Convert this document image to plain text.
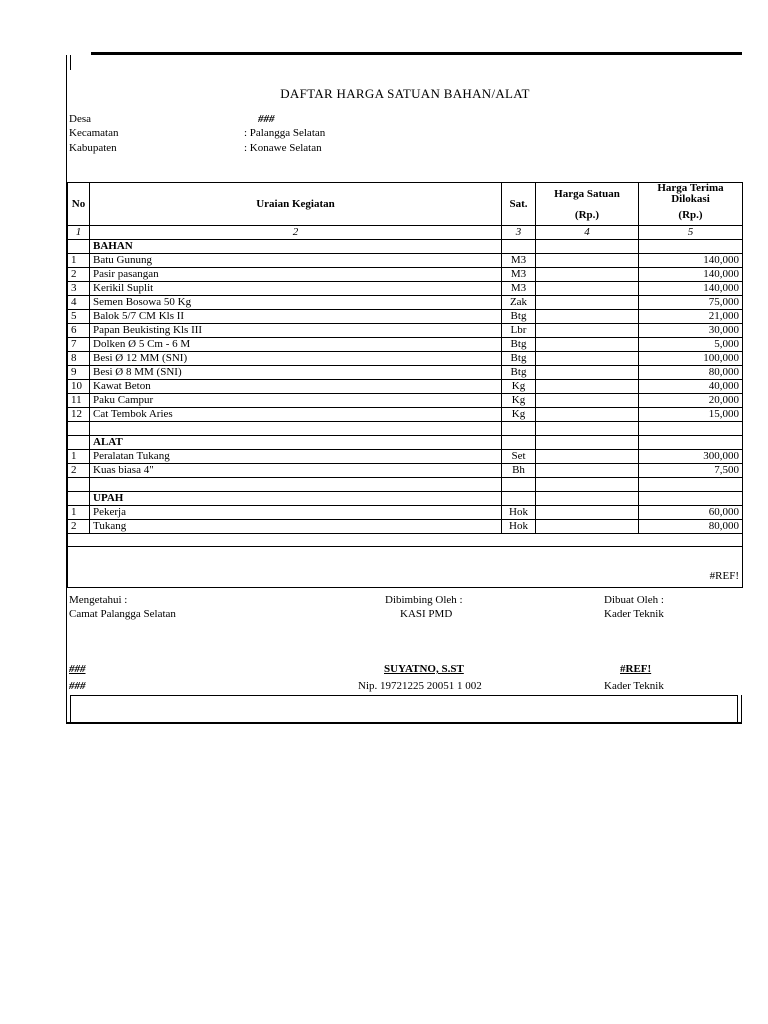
DAFTAR HARGA SATUAN BAHAN/ALAT
Desa	###
Kecamatan	: Palangga Selatan
Kabupaten	: Konawe Selatan
No	Uraian Kegiatan	Sat.	Harga Satuan	Harga Terima Dilokasi
			(Rp.)	(Rp.)
1	2	3	4	5
	BAHAN			
1	Batu Gunung	M3		140,000
2	Pasir pasangan	M3		140,000
3	Kerikil Suplit	M3		140,000
4	Semen Bosowa 50 Kg	Zak		75,000
5	Balok 5/7 CM Kls II	Btg		21,000
6	Papan Beukisting Kls III	Lbr		30,000
7	Dolken Ø 5 Cm - 6 M	Btg		5,000
8	Besi Ø 12 MM (SNI)	Btg		100,000
9	Besi Ø 8 MM (SNI)	Btg		80,000
10	Kawat Beton	Kg		40,000
11	Paku Campur	Kg		20,000
12	Cat Tembok Aries	Kg		15,000

	ALAT			
1	Peralatan Tukang	Set		300,000
2	Kuas biasa 4"	Bh		7,500

	UPAH			
1	Pekerja	Hok		60,000
2	Tukang	Hok		80,000

#REF!				
Mengetahui :
Camat Palangga Selatan
###
###
Dibimbing Oleh :
KASI PMD
SUYATNO, S.ST
Nip. 19721225 20051 1 002
Dibuat Oleh :
Kader Teknik
#REF!
Kader Teknik
